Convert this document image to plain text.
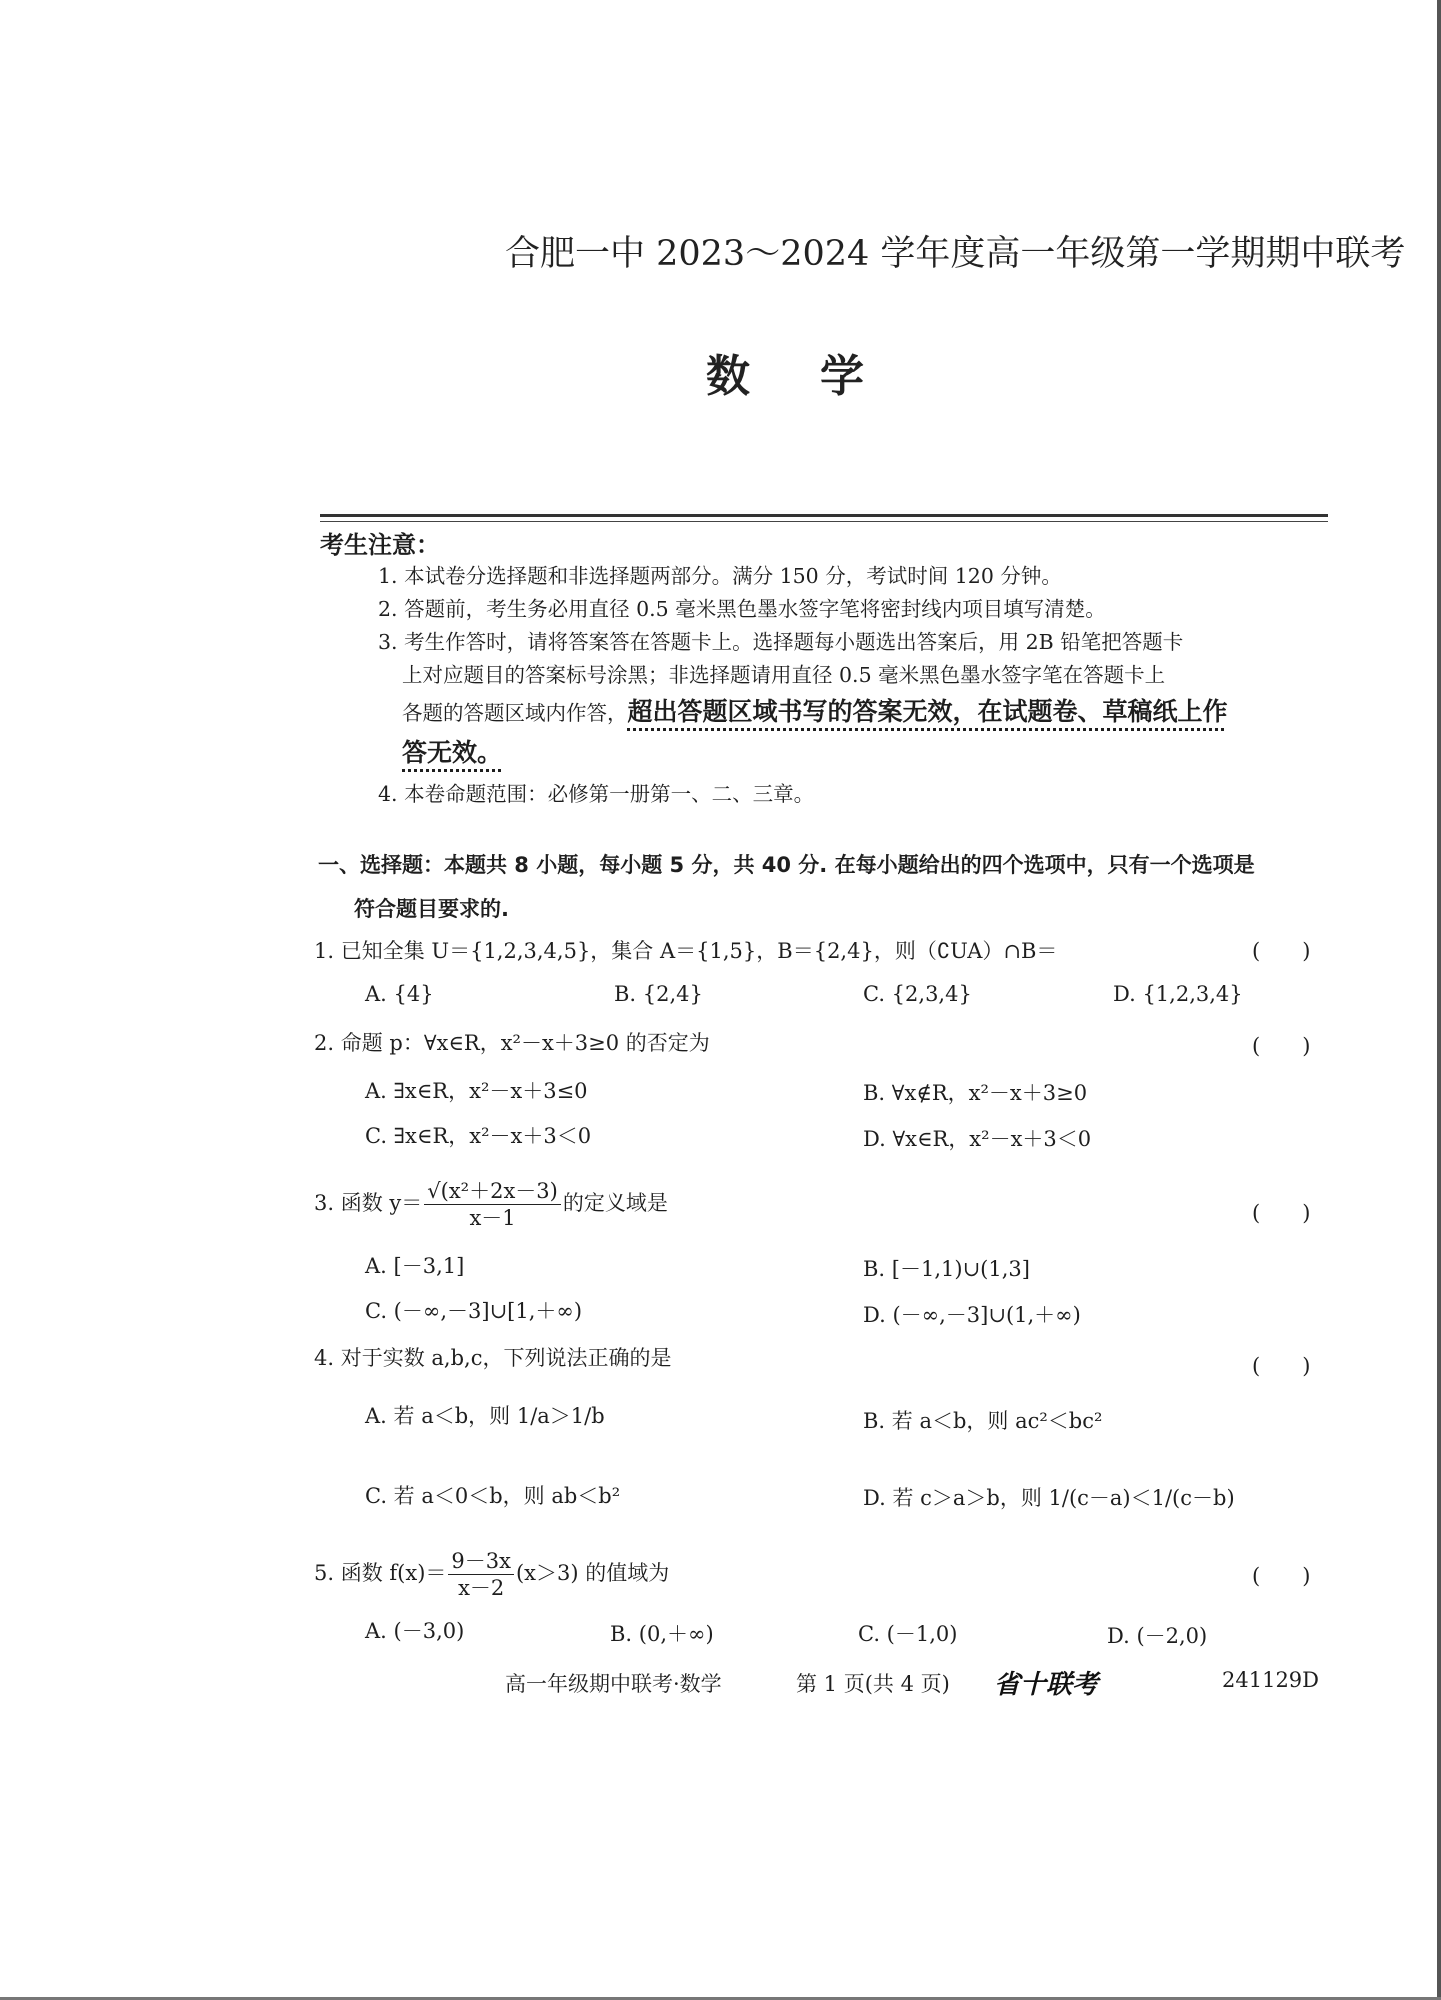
合肥一中 2023～2024 学年度高一年级第一学期期中联考
数学
考生注意：
1. 本试卷分选择题和非选择题两部分。满分 150 分，考试时间 120 分钟。
2. 答题前，考生务必用直径 0.5 毫米黑色墨水签字笔将密封线内项目填写清楚。
3. 考生作答时，请将答案答在答题卡上。选择题每小题选出答案后，用 2B 铅笔把答题卡
上对应题目的答案标号涂黑；非选择题请用直径 0.5 毫米黑色墨水签字笔在答题卡上
各题的答题区域内作答，超出答题区域书写的答案无效，在试题卷、草稿纸上作
答无效。
4. 本卷命题范围：必修第一册第一、二、三章。
一、选择题：本题共 8 小题，每小题 5 分，共 40 分. 在每小题给出的四个选项中，只有一个选项是
符合题目要求的.
1. 已知全集 U＝{1,2,3,4,5}，集合 A＝{1,5}，B＝{2,4}，则（∁UA）∩B＝	(　　)
A. {4}	B. {2,4}	C. {2,3,4}	D. {1,2,3,4}
2. 命题 p：∀x∈R，x²－x＋3≥0 的否定为	(　　)
A. ∃x∈R，x²－x＋3≤0	B. ∀x∉R，x²－x＋3≥0
C. ∃x∈R，x²－x＋3＜0	D. ∀x∈R，x²－x＋3＜0
3. 函数 $y= \frac{\text{√(x²＋2x－3)}}{x-1}$ 的定义域是	(　　)
A. [－3,1]	B. [－1,1)∪(1,3]
C. (－∞,－3]∪[1,＋∞)	D. (－∞,－3]∪(1,＋∞)
4. 对于实数 a,b,c，下列说法正确的是	(　　)
A. 若 a＜b，则 1/a＞1/b	B. 若 a＜b，则 ac²＜bc²
C. 若 a＜0＜b，则 ab＜b²	D. 若 c＞a＞b，则 1/(c－a)＜1/(c－b)
5. 函数 $f(x)= \frac{9-3x}{x-2} (x>3)$ 的值域为	(　　)
A. (－3,0)	B. (0,＋∞)	C. (－1,0)	D. (－2,0)
高一年级期中联考·数学	第 1 页(共 4 页) 省十联考	241129D
